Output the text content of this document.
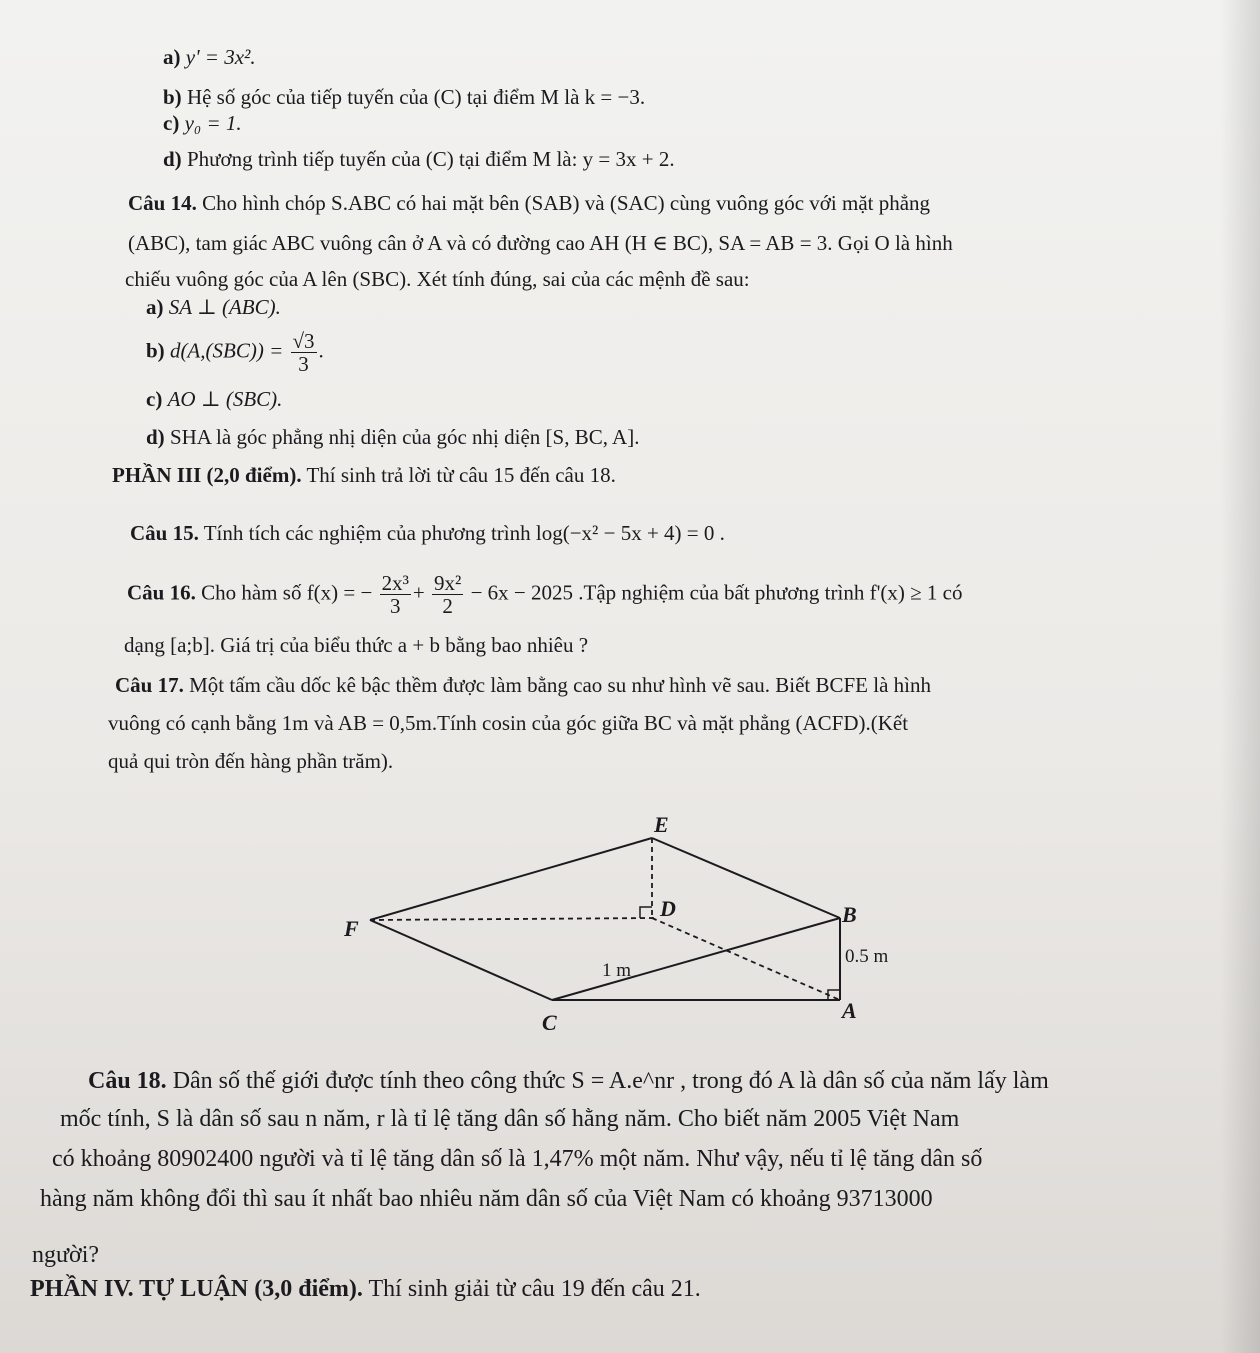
a) y' = 3x².
b) Hệ số góc của tiếp tuyến của (C) tại điểm M là k = −3.
c) y₀ = 1.
d) Phương trình tiếp tuyến của (C) tại điểm M là: y = 3x + 2.
Câu 14. Cho hình chóp S.ABC có hai mặt bên (SAB) và (SAC) cùng vuông góc với mặt phẳng
(ABC), tam giác ABC vuông cân ở A và có đường cao AH (H ∈ BC), SA = AB = 3. Gọi O là hình
chiếu vuông góc của A lên (SBC). Xét tính đúng, sai của các mệnh đề sau:
a) SA ⊥ (ABC).
b) $d(A,(SBC)) = \frac{√3}{3}$ .
c) AO ⊥ (SBC).
d) SHA là góc phẳng nhị diện của góc nhị diện [S, BC, A].
PHẦN III (2,0 điểm). Thí sinh trả lời từ câu 15 đến câu 18.
Câu 15. Tính tích các nghiệm của phương trình log(−x² − 5x + 4) = 0 .
Câu 16. Cho hàm số f(x) = − $\frac{\text{2x³}}{3} + \frac{\text{9x²}}{2} - 6x - 2025$ .Tập nghiệm của bất phương trình f'(x) ≥ 1 có
dạng [a;b]. Giá trị của biểu thức a + b bằng bao nhiêu ?
Câu 17. Một tấm cầu dốc kê bậc thềm được làm bằng cao su như hình vẽ sau. Biết BCFE là hình
vuông có cạnh bằng 1m và AB = 0,5m.Tính cosin của góc giữa BC và mặt phẳng (ACFD).(Kết
quả qui tròn đến hàng phần trăm).
E
D	B
F
C	A
1 m
0.5 m
Câu 18. Dân số thế giới được tính theo công thức S = A.e^nr , trong đó A là dân số của năm lấy làm
mốc tính, S là dân số sau n năm, r là tỉ lệ tăng dân số hằng năm. Cho biết năm 2005 Việt Nam
có khoảng 80902400 người và tỉ lệ tăng dân số là 1,47% một năm. Như vậy, nếu tỉ lệ tăng dân số
hàng năm không đổi thì sau ít nhất bao nhiêu năm dân số của Việt Nam có khoảng 93713000
người?
PHẦN IV. TỰ LUẬN (3,0 điểm). Thí sinh giải từ câu 19 đến câu 21.
